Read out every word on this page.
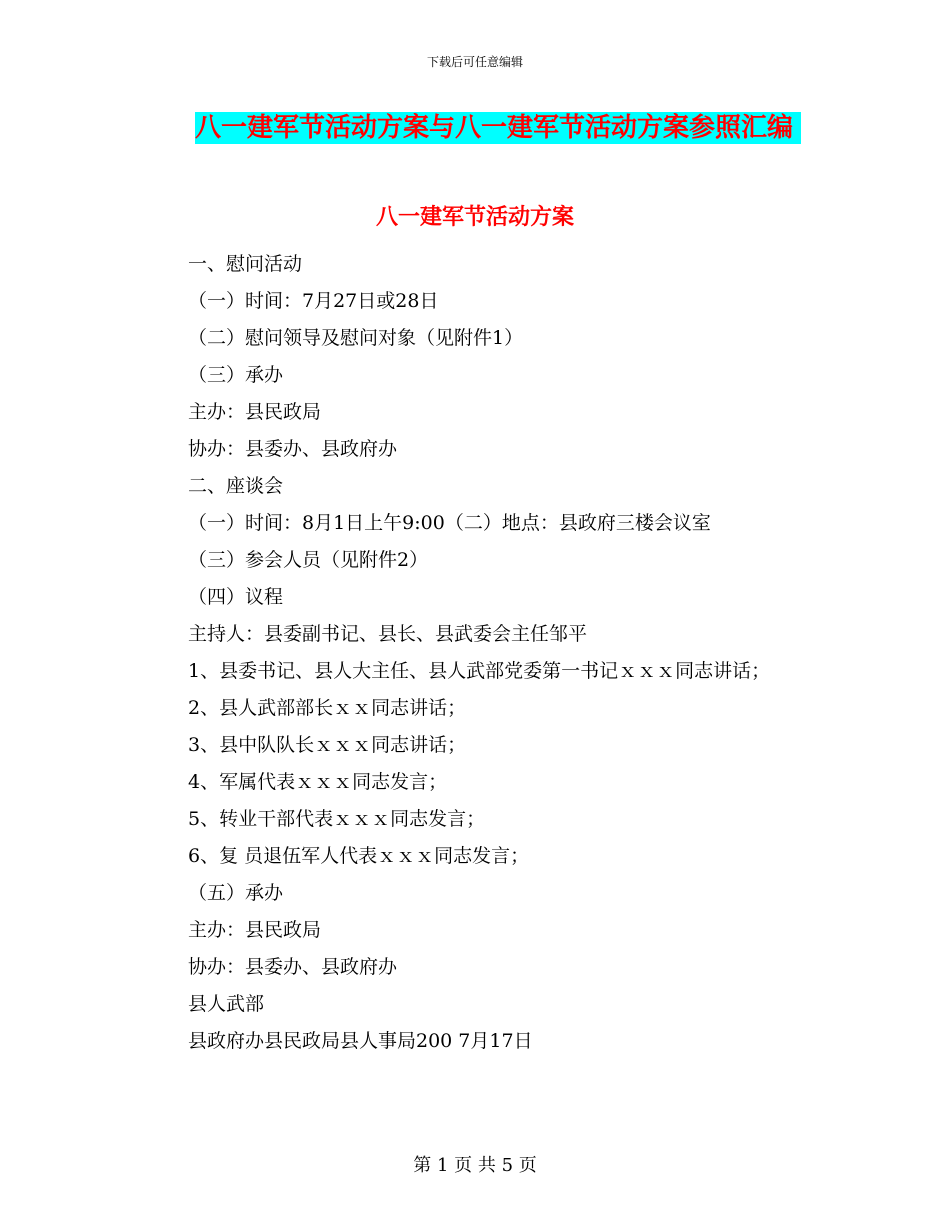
下载后可任意编辑
八一建军节活动方案与八一建军节活动方案参照汇编
八一建军节活动方案

一、慰问活动

（一）时间：7月27日或28日

（二）慰问领导及慰问对象（见附件1）

（三）承办

主办：县民政局

协办：县委办、县政府办

二、座谈会

（一）时间：8月1日上午9:00（二）地点：县政府三楼会议室

（三）参会人员（见附件2）

（四）议程

主持人：县委副书记、县长、县武委会主任邹平

1、县委书记、县人大主任、县人武部党委第一书记ｘｘｘ同志讲话；

2、县人武部部长ｘｘ同志讲话；

3、县中队队长ｘｘｘ同志讲话；

4、军属代表ｘｘｘ同志发言；

5、转业干部代表ｘｘｘ同志发言；

6、复 员退伍军人代表ｘｘｘ同志发言；

（五）承办

主办：县民政局

协办：县委办、县政府办

县人武部

县政府办县民政局县人事局200 7月17日

第 1 页 共 5 页
